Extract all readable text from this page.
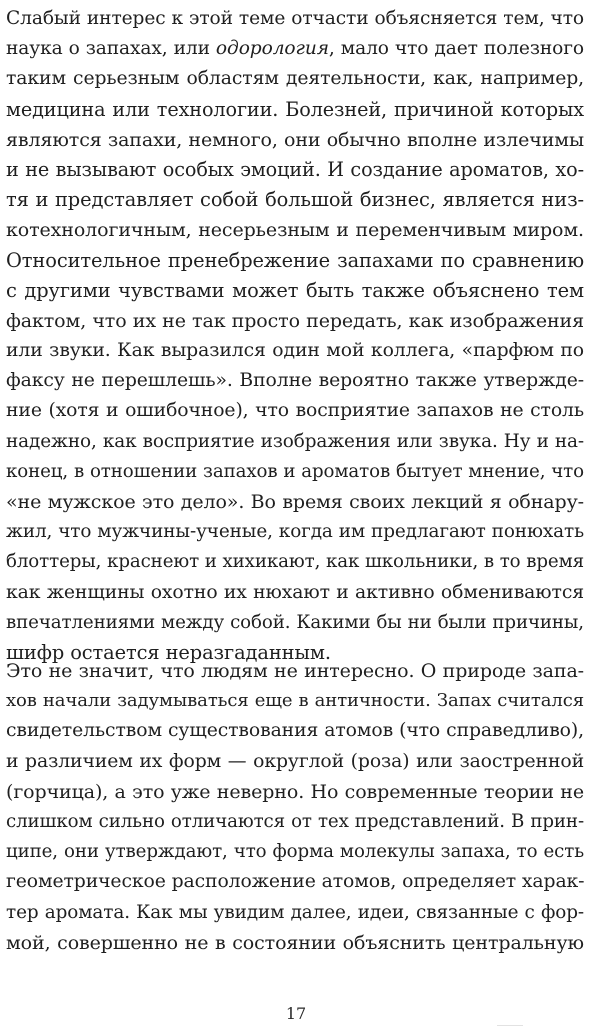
Слабый интерес к этой теме отчасти объясняется тем, что
наука о запахах, или одорология, мало что дает полезного
таким серьезным областям деятельности, как, например,
медицина или технологии. Болезней, причиной которых
являются запахи, немного, они обычно вполне излечимы
и не вызывают особых эмоций. И создание ароматов, хо-
тя и представляет собой большой бизнес, является низ-
котехнологичным, несерьезным и переменчивым миром.
Относительное пренебрежение запахами по сравнению
с другими чувствами может быть также объяснено тем
фактом, что их не так просто передать, как изображения
или звуки. Как выразился один мой коллега, «парфюм по
факсу не перешлешь». Вполне вероятно также утвержде-
ние (хотя и ошибочное), что восприятие запахов не столь
надежно, как восприятие изображения или звука. Ну и на-
конец, в отношении запахов и ароматов бытует мнение, что
«не мужское это дело». Во время своих лекций я обнару-
жил, что мужчины-ученые, когда им предлагают понюхать
блоттеры, краснеют и хихикают, как школьники, в то время
как женщины охотно их нюхают и активно обмениваются
впечатлениями между собой. Какими бы ни были причины,
шифр остается неразгаданным.
Это не значит, что людям не интересно. О природе запа-
хов начали задумываться еще в античности. Запах считался
свидетельством существования атомов (что справедливо),
и различием их форм — округлой (роза) или заостренной
(горчица), а это уже неверно. Но современные теории не
слишком сильно отличаются от тех представлений. В прин-
ципе, они утверждают, что форма молекулы запаха, то есть
геометрическое расположение атомов, определяет харак-
тер аромата. Как мы увидим далее, идеи, связанные с фор-
мой, совершенно не в состоянии объяснить центральную
17
